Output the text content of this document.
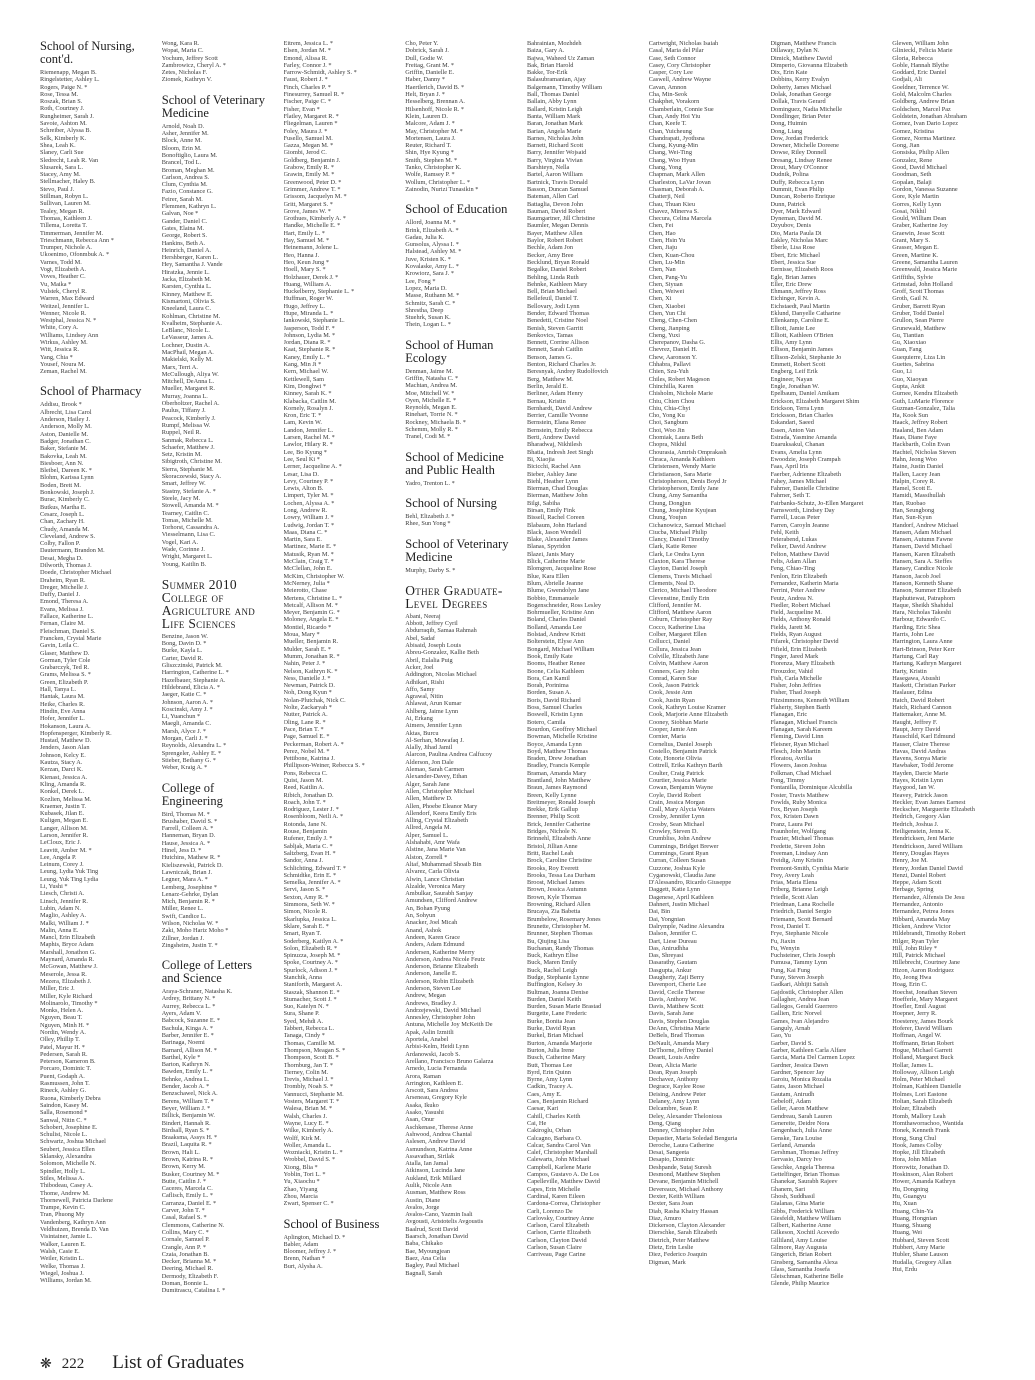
School of Nursing, cont'd.
Riemenapp, Megan B.
Ringelstetter, Ashley L.
Rogers, Paige N. *
Rose, Tessa M.
Roszak, Brian S.
Roth, Courtney J.
Rungheimer, Sarah J.
Savoie, Ashton M.
Schreiber, Alyssa B.
Selk, Kimberly K.
Shea, Leah K.
Slaney, Carli Sue
Sledrecht, Leah R. Van
Slusarek, Sara L.
Stacey, Amy M.
Stellmacher, Haley B.
Stevo, Paul J.
Stillman, Robyn L.
Sullivan, Lauren M.
Tealey, Megan R.
Thomas, Kathleen J.
Tillema, Loretta T.
Timmerman, Jennifer M.
Trieschmann, Rebecca Ann *
Trumper, Nichole A.
Ukoenimo, Ofonmbuk A. *
Varnes, Todd M.
Vogt, Elizabeth A.
Voves, Heather C.
Vu, Maika *
Vulstek, Cheryl R.
Warren, Max Edward
Weitzel, Jennifer L.
Wenner, Nicole R.
Westphal, Jessica N. *
White, Cory A.
Williams, Lindsey Ann
Wirkus, Ashley M.
Witt, Jessica R.
Yang, Chia *
Yousef, Noura M.
Zeman, Rachel M.
School of Pharmacy
Addisu, Brook *
Albrecht, Lisa Carol
Anderson, Hailey J.
Anderson, Molly M.
Aston, Danielle M.
Badger, Jonathan C.
Baker, Stefanie M.
Bakovka, Leah M.
Biesboer, Ann N.
Bleibel, Dareen K. *
Blohm, Karissa Lynn
Boden, Brett M.
Bonkowski, Joseph J.
Burac, Kimberly C.
Butkus, Martha E.
Cesarz, Joseph L.
Chan, Zachary H.
Chudy, Amanda M.
Cleveland, Andrew S.
Colby, Fallon P.
Dautermann, Brandon M.
Desai, Megha D.
Dilworth, Thomas J.
Doede, Christopher Michael
Draheim, Ryan R.
Dreger, Michelle J.
Duffy, Daniel J.
Emond, Theresa A.
Evans, Melissa J.
Fallace, Katherine L.
Fernan, Claire M.
Fleischman, Daniel S.
Francken, Crystal Marie
Gavin, Leila C.
Glaser, Matthew D.
Gorman, Tyler Cole
Grabarczyk, Ted R.
Grams, Melissa S. *
Green, Elizabeth P.
Hall, Tanya L.
Hantak, Laura M.
Heike, Charles R.
Hindin, Eve Anna
Hofer, Jennifer L.
Hokanson, Laura A.
Hopfensperger, Kimberly R.
Hustad, Matthew D.
Jenders, Jason Alan
Johnson, Kelcy E.
Kautza, Stacy A.
Kerzan, Darci K.
Kienast, Jessica A.
Kling, Amanda R.
Konkel, Derek L.
Kozlien, Melissa M.
Kraemer, Justin T.
Kubasek, Jilan E.
Kuligen, Megan E.
Langer, Allison M.
Larson, Jennifer R.
LeCloux, Eric J.
Leavitt, Amber M. *
Lee, Angela P.
Leinum, Corey J.
Leung, Lydia Yuk Ting
Leung, Yuk Ting Lydia
Li, Yushi *
Liesch, Christi A.
Linsch, Jennifer R.
Lubin, Adam N.
Maglio, Ashley A.
Malki, William J. *
Malin, Anna E.
Mancl, Erin Elizabeth
Maphis, Bryce Adam
Marshall, Jonathon G.
Maynard, Amanda R.
McGowan, Matthew J.
Meserole, Jessa R.
Mezera, Elizabeth J.
Miller, Eric J.
Miller, Kyle Richard
Molinarolo, Timothy *
Monks, Helen A.
Nguyen, Beau T.
Nguyen, Minh H. *
Nordin, Wendy A.
Olley, Phillip T.
Patel, Mayur H. *
Pedersen, Sarah R.
Peterson, Kameron B.
Porcaro, Dominic T.
Puent, Godaph A.
Rasmussen, John T.
Rineck, Ashley G.
Ruona, Kimberly Debra
Saindon, Kasey M.
Salla, Rosemond *
Sanwal, Nitin C. *
Schobert, Josephine E.
Schulist, Nicole L.
Schwartz, Joshua Michael
Seubert, Jessica Ellen
Sklansky, Alexandra
Solomon, Michelle N.
Spindler, Holly L.
Stiles, Melissa A.
Thibodeau, Casey A.
Thome, Andrew M.
Thornewell, Patricia Darlene
Trampe, Kevin C.
Tran, Phuong My
Vandenberg, Kathryn Ann
Veldhuizen, Brenda D. Van
Visintainer, Jamie L.
Walker, Lauren E.
Walsh, Casie E.
Weiler, Kristin L.
Welke, Thomas J.
Wiegel, Joshua J.
Williams, Jordan M.
Wong, Kara R.
Wopat, Maria C.
Yochum, Jeffrey Scott
Zambrowicz, Cheryl A. *
Zetes, Nicholas F.
Ziomek, Kathryn V.
School of Veterinary Medicine
Arnold, Noah D.
Asher, Jennifer M.
Block, Anne M.
Bloom, Erin M.
Bonoftiglio, Laura M.
Brancel, Tod L.
Broman, Meghan M.
Carlson, Andrea S.
Clum, Cynthia M.
Fazio, Constance G.
Feirer, Sarah M.
Flemmen, Kathryn L.
Galvan, Noe *
Gander, Daniel C.
Gates, Elaina M.
George, Robert S.
Hankins, Beth A.
Heinrich, Daniel A.
Hershberger, Karen L.
Hey, Samantha J. Vande
Hiratzka, Jennie L.
Jacka, Elizabeth M.
Karsten, Cynthia L.
Kinney, Matthew E.
Kismartoni, Olivia S.
Kneeland, Laura C.
Kohlman, Christine M.
Kvalheim, Stephanie A.
LeBlanc, Nicole L.
LeVasseur, James A.
Lochner, Dustin A.
MacPhail, Megan A.
Makielski, Kelly M.
Marx, Terri A.
McCullough, Aliya W.
Mitchell, DeAnna L.
Mueller, Margaret R.
Murray, Joanna L.
Oberholtzer, Rachel A.
Paulus, Tiffany J.
Peacock, Kimberly J.
Rumpf, Melissa W.
Ruppel, Neil R.
Sanmak, Rebecca L.
Schaefer, Matthew J.
Setz, Kristin M.
Sibigtroth, Christine M.
Sierra, Stephanie M.
Skoraczewski, Stacy A.
Smart, Jeffrey W.
Stastny, Stefanie A. *
Steele, Jacy M.
Stowell, Amanda M. *
Tearney, Caitlin C.
Tomas, Michelle M.
Torhorst, Cassandra A.
Viesselmann, Lisa C.
Vogel, Kari A.
Wade, Corinne J.
Wright, Margaret L.
Young, Kaitlin B.
Summer 2010 College of Agriculture and Life Sciences
Benzine, Jason W.
Bong, Davin D. *
Burke, Kayla L.
Carter, David R.
Gliszczinski, Patrick M.
Harrington, Catherine L. *
Hazelbauer, Stephanie A.
Hildebrand, Elicia A. *
Jaeger, Katie C. *
Johnson, Aaron A. *
Koscinski, Amy J. *
Li, Yuanchun *
Maegli, Amanda C.
Marsh, Alyce J. *
Morgan, Carli J. *
Reynolds, Alexandra L. *
Sprengeler, Ashley E. *
Stieber, Bethany G. *
Weber, Kraig A. *
College of Engineering
Bird, Thomas M. *
Brushaber, David S. *
Farrell, Colleen A. *
Hanneman, Bryan D.
Hause, Jessica A. *
Hinel, Jess D. *
Hutchins, Mathew R. *
Kieliszewski, Patrick D.
Lawniczak, Brian J.
Legner, Mara A. *
Lemberg, Josephine *
Lenarz-Gehrke, Dylan
Mich, Benjamin R. *
Miller, Renee L.
Swift, Candice L.
Wilson, Nicholas W. *
Zaki, Moho Hariz Moho *
Zillner, Jordan J.
Zingsheim, Justin T. *
College of Letters and Science
Araya-Schraner, Natasha K.
Ardrey, Brittany N. *
Aurrey, Rebecca L. *
Ayers, Adam V.
Babcock, Suzanne E. *
Bachula, Kinga A. *
Barber, Jennifer E. *
Barinaga, Noemi
Barnard, Allison M. *
Barthel, Kyle *
Barton, Kathryn N.
Bawden, Emily L. *
Behnke, Andrea L.
Bender, Jacob A. *
Benzschawel, Nick A.
Berens, William T. *
Beyer, William J. *
Billick, Benjamin W.
Bindert, Hannah R.
Birdsall, Ryan S. *
Braaksma, Assys H. *
Brazil, Laquita R. *
Brown, Hali L.
Brown, Katrina R. *
Brown, Kerry M.
Busker, Courtney M. *
Butte, Caitlin J. *
Caceres, Marcela C.
Caflisch, Emily L. *
Carranza, Daniel E. *
Carver, John T. *
Casal, Rafael S. *
Clemmons, Catherine N.
Collins, Mary C. *
Cornale, Samuel P.
Crangle, Ann P. *
Czaia, Jonathan B.
Decker, Brianna M. *
Deering, Michael R.
Dermody, Elizabeth F.
Doman, Bonnie L.
Dumitrascu, Catalina I. *
Eitrem, Jessica L. *
Elsen, Jordan M. *
Emond, Alissa R.
Farley, Connor J. *
Farrow-Schmidt, Ashley S. *
Faust, Robert J. *
Finch, Charles P. *
Finesurrey, Samuel R. *
Fischer, Paige C. *
Fisher, Evan *
Flatley, Margaret R. *
Fliegelman, Lauren *
Foley, Maura J. *
Fusello, Samuel M.
Gazza, Megan M. *
Giombi, Jerod C.
Goldberg, Benjamin J.
Grabow, Emily R. *
Grawin, Emily M. *
Greenwood, Peter D. *
Grimmer, Andrew T. *
Grissom, Jacquelyn M. *
Gritt, Margaret S. *
Grove, James W. *
Grothues, Kimberly A. *
Handke, Michelle E. *
Hart, Emily L. *
Hay, Samuel M. *
Heinemann, Jolene L.
Heo, Hanna J.
Heo, Keun Jung *
Hoell, Mary S. *
Holzhauer, Derek J. *
Huang, William A.
Huckelberry, Stephanie L. *
Huffman, Roger W.
Hugo, Jeffrey L.
Hupe, Miranda L. *
Iankowski, Stephanie L.
Jasperson, Todd F. *
Johnson, Lydia M. *
Jordan, Diana R. *
Kaat, Stephanie R. *
Kaney, Emily L. *
Kang, Min Ji *
Kern, Michael W.
Kettlewell, Sam
Kim, Donghwi *
Kinney, Sarah K. *
Klabacka, Caitlin M.
Kornely, Rosalyn J.
Kron, Eric T. *
Lam, Kevin W.
Landon, Jennifer L.
Larsen, Rachel M. *
Lawlor, Hilary R. *
Lee, Bo Kyung *
Lee, Seul Ki *
Lerner, Jacqueline A. *
Lesar, Lisa D.
Levy, Courtney P. *
Lewis, Alton B.
Limpert, Tyler M. *
Lochen, Alyssa A. *
Long, Andrew R.
Lowry, William J. *
Ludwig, Jordan T. *
Maas, Diana C. *
Martin, Sara E.
Martinez, Marie E. *
Matusik, Ryan M. *
McClain, Craig T. *
McClellan, John E.
McKim, Christopher W.
McNerney, Julia *
Meierotto, Chase
Mertens, Christine L. *
Metcalf, Allison M. *
Meyer, Benjamin G. *
Moloney, Angela E. *
Montiel, Ricardo *
Moua, Mary *
Mueller, Benjamin R.
Mulder, Sarah E. *
Mumm, Jonathan R. *
Nahin, Peter J. *
Nelson, Kathryn K. *
Ness, Danielle J. *
Newman, Patrick D.
Noh, Dong Kyun *
Nolan-Plutchak, Nick C.
Nolte, Zackaryah *
Nutter, Patrick A.
Oling, Lane R. *
Pace, Brian T. *
Page, Samuel E. *
Peckerman, Robert A. *
Perez, Nobel M. *
Pettibone, Katrina J.
Phillipson-Weiner, Rebecca S. *
Pons, Rebecca C.
Quist, Jason M.
Reed, Kaitlin A.
Ribich, Jonathan D.
Roach, John T. *
Rodriguez, Lester J. *
Rosenbloom, Neili A. *
Rotonda, Jane N.
Rouse, Benjamin
Rufener, Emily J. *
Sabljak, Maria C. *
Saltzberg, Evan H. *
Sandor, Anna J.
Schlichting, Edward T. *
Schmidtke, Erin E. *
Semelka, Jennifer A. *
Servi, Jason S. *
Sexton, Amy R. *
Simmons, Seth W. *
Simon, Nicole R.
Skarlupka, Jessica L.
Sklare, Sarah E. *
Smart, Ryan T.
Soderberg, Kaitlyn A. *
Solon, Elizabeth R. *
Spinuzza, Joseph M. *
Spoke, Courtney A. *
Spurlock, Adison J. *
Stanchik, Anna
Staniforth, Margaret A.
Staszak, Shannon E. *
Stumacher, Scott J. *
Suo, Katelyn N. *
Sura, Shane P.
Syed, Mehdi A.
Tabbert, Rebecca L.
Tanaga, Cindy *
Thomas, Camille M.
Thompson, Meagan S. *
Thompson, Scott B. *
Thornburg, Jan T. *
Tierney, Colin M.
Trevis, Michael J. *
Trombly, Noah S. *
Vannucci, Stephanie M.
Vosters, Margaret T. *
Walesa, Brian M. *
Walsh, Charles J.
Wayne, Lucy E. *
Wilke, Kimberly A.
Wolff, Kirk M.
Woller, Amanda L.
Wozniacki, Kristin L. *
Wrobbel, David S. *
Xiong, Blia *
Yoblin, Tori L. *
Yu, Xiaochu *
Zhao, Yiyang
Zhou, Marcia
Zwart, Spenser C. *
School of Business
Aplington, Michael D. *
Babler, Adam
Bloomer, Jeffrey J. *
Brenn, Nathan *
Burt, Alysha A.
Cho, Peter Y.
Dobrick, Sarah J.
Dull, Godie W.
Freitag, Grant M. *
Griffin, Danielle E.
Haber, Danny *
Haertlerich, David B. *
Helt, Bryan J. *
Hesselberg, Brennan A.
Hilsenhoff, Nicole R. *
Klein, Lauren D.
Malcore, Adam J. *
May, Christopher M. *
Mortensen, Laura J.
Reuter, Richard T.
Shin, Hye Kyung *
Smith, Stephen M. *
Tanko, Christopher K.
Wolfe, Ramsey P. *
Wollum, Christopher L. *
Zainodin, Nurizi Tunasikin *
School of Education
Allord, Joanna M. *
Brink, Elizabeth A. *
Gadau, Julia K.
Gunsolus, Alyssa I. *
Halstead, Ashley M. *
Juve, Kristen K. *
Kovalaske, Amy L. *
Krowiorz, Sara J. *
Lee, Fong *
Lopez, Maria D.
Masse, Ruthann M. *
Schmitz, Sarah C. *
Shrestha, Deep
Stuehrk, Susan K.
Thein, Logan L. *
School of Human Ecology
Denman, Jaime M.
Griffin, Natasha C. *
Machtan, Andrea M.
Moe, Mitchell W. *
Oyen, Michelle E. *
Reynolds, Megan E.
Rinehart, Torrie N. *
Rockney, Michaela B. *
Schemm, Molly R. *
Tranel, Codi M. *
School of Medicine and Public Health
Yadro, Trenton L. *
School of Nursing
Behl, Elizabeth J. *
Rhee, Sun Yong *
School of Veterinary Medicine
Murphy, Darby S. *
Other Graduate-Level Degrees
Abani, Neeraj
Abbott, Jeffrey Cyril
Abdurraqib, Samaa Rahmah
Abel, Sadaf
Abisaid, Joseph Louis
Abreu-Gonzalez, Kallie Beth
Abril, Eulalia Puig
Acker, Joel
Addington, Nicolas Michael
Adhikari, Rishi
Affo, Samy
Agrawal, Nitin
Ahlawat, Arun Kumar
Ahlberg, Jaime Lynn
Ai, Erkang
Aimers, Jennifer Lynn
Aktas, Burcu
Al-Serhan, Muwafaq J.
Alally, Jihad Jamil
Alarcon, Paulina Andrea Calfucoy
Alderson, Jon Dale
Alemao, Sarah Carmen
Alexander-Davey, Ethan
Alger, Sarah Jane
Allen, Christopher Michael
Allen, Matthew D.
Allen, Phoebe Eleanor Mary
Allendorf, Keera Emily Eris
Alling, Crystal Elizabeth
Allred, Angela M.
Alper, Samuel L.
Alshahabi, Amr Wafa
Alstine, Jana Marie Van
Alston, Zorrell *
Altaf, Muhammad Shoaib Bin
Alvarez, Carla Olivia
Alwin, Lance Christian
Alzalde, Veronica Mary
Ambulkar, Saurabh Sanjay
Amundsen, Clifford Andrew
An, Bohan Pyung
An, Sohyun
Anacker, Joel Micah
Anand, Ashok
Andeen, Karen Grace
Anders, Adam Edmund
Andersen, Katherine Merry
Anderson, Andrea Nicole Feutz
Anderson, Brianne Elizabeth
Anderson, Janelle E.
Anderson, Robin Elizabeth
Anderson, Steven Lee
Andrew, Megan
Andrews, Bradley J.
Andrzejewski, David Michael
Annesley, Christopher John
Antuna, Michelle Joy McKeith De
Apak, Aslin Izmitli
Aportela, Anabel
Arbisi-Kelm, Heidi Lynn
Ardanowski, Jacob S.
Arellano, Francisco Bruno Galarza
Arnedo, Lucia Fernanda
Arora, Raman
Arrington, Kathleen E.
Arscott, Sara Andrea
Arseneau, Gregory Kyle
Asaka, Ikuko
Asako, Yasushi
Asan, Onur
Aschkenase, Therese Anne
Ashwood, Andrea Chantal
Aslesen, Andrew David
Asmundson, Katrina Anne
Assavathan, Sirilak
Atalla, Ian Jamal
Atkinson, Lucinda Jane
Aukland, Erik Millard
Aulik, Nicole Ann
Ausman, Matthew Ross
Austin, Diane
Avalos, Jorge
Avalos-Cano, Yazmin Isali
Avgousti, Aristotelis Avgoustis
Baalrud, Scott David
Baarsch, Jonathan David
Baba, Chikako
Bae, Myoungjean
Baez, Ana Celia
Bagley, Paul Michael
Bagnall, Sarah
Bahrainian, Mozhdeh
Baiza, Gary A.
Bajwa, Waheed Uz Zaman
Bak, Brian Harold
Bakke, Tor-Erik
Balasubramanian, Ajay
Balgemann, Timothy William
Ball, Thomas Daniel
Ballain, Abby Lynn
Ballard, Kristin Leigh
Banta, William Mark
Baran, Jonathan Mark
Barian, Angela Marie
Barnes, Nicholas John
Barnett, Richard Scott
Barry, Jennifer Wojsaid
Barry, Virginia Vivian
Barshteyn, Nella
Bartel, Aaron William
Bartnick, Travis Donald
Basson, Duncan Samuel
Bateman, Allen Carl
Battaglia, Devon John
Bauman, David Robert
Baumgartner, Jill Christine
Baumler, Megan Dennis
Bayer, Matthew Allen
Baylor, Robert Robert
Bechle, Adam Jon
Becker, Amy Bree
Becklund, Bryan Ronald
Begalke, Daniel Robert
Behling, Linda Ruth
Behnke, Kathleen Mary
Bell, Brian Michael
Bellefeuil, Daniel T.
Bellovary, Jodi Lynn
Bender, Edward Thomas
Benedetti, Cristine Noel
Benish, Steven Garritt
Benkovics, Tamas
Bennett, Corrine Allison
Bennett, Sarah Caitlin
Benson, James G.
Benton, Richard Charles Jr.
Beresnyak, Andrey Rudolfovich
Berg, Matthew M.
Berlin, Jerald E.
Berliner, Adam Henry
Bernau, Kristin
Bernhardt, David Andrew
Berrier, Camille Yvonne
Bernstein, Elana Renee
Bernstein, Emily Rebecca
Berti, Andrew David
Bharadwaj, Nikhilesh
Bhatia, Indresh Jeet Singh
Bi, Xiaojia
Bicicchi, Rachel Ann
Bieber, Ashley Jane
Biehl, Heather Lynn
Bierman, Chad Douglas
Bierman, Matthew John
Bilgi, Sabiha
Birsan, Emily Fink
Bissell, Rachel Coreen
Blabaum, John Harland
Black, Jason Wendell
Blake, Alexander James
Blanas, Spyridon
Blazei, Janis Mary
Blick, Catherine Marie
Blomgren, Jacqueline Rose
Blue, Kara Ellen
Blum, Abrielle Jeanne
Blume, Gwendolyn Jane
Bobbio, Emmanuele
Bogenschneider, Ross Lesley
Bohrmueller, Kristine Ann
Boland, Charles Daniel
Bolland, Amanda Lee
Bolstad, Andrew Kristt
Bolterstein, Elyse Ann
Bongard, Michael William
Book, Emily Kate
Booms, Heather Renee
Boone, Celia Kathleen
Bora, Can Kamil
Borah, Porinima
Borden, Susan A.
Boris, David Richard
Boss, Samuel Charles
Boswell, Kristin Lynn
Botero, Camila
Bourdon, Geoffrey Michael
Bowman, Michelle Kristine
Boyce, Amanda Lynn
Boyd, Matthew Thomas
Braden, Drew Jonathan
Bradley, Francis Kemple
Braman, Amanda Mary
Brantland, John Matthew
Braun, James Raymond
Breen, Kelly Lynne
Breitmeyer, Ronald Joseph
Brekke, Erik Gallup
Brenner, Philip Scott
Brick, Jennifer Catherine
Bridges, Nichole N.
Brinnehl, Elizabeth Anne
Bristol, Jillian Anne
Britt, Rachel Leah
Brock, Caroline Christine
Brooks, Roy Everett
Brooks, Tessa Lea Durham
Broost, Michael James
Brown, Jessica Autumn
Brown, Kyle Thomas
Browning, Richard Allen
Brucaya, Zia Babetta
Brumbelow, Rosemary Jones
Brunette, Christopher M.
Brunner, Stephen Thomas
Bu, Qiujing Lisa
Buchanan, Randy Thomas
Buck, Kathryn Elise
Buck, Maren Emily
Buck, Rachel Leigh
Budge, Stephanie Lynne
Buffington, Kelsey Jo
Bultman, Joanna Denise
Burden, Daniel Keith
Burden, Susan Marie Brastad
Burgette, Lane Frederic
Burke, Bonita Jean
Burke, David Ryan
Burkel, Brian Michael
Burton, Amanda Marjorie
Burton, Julia Irene
Busch, Catherine Mary
Butt, Thomas Lee
Byrd, Erin Quinn
Byrne, Amy Lynn
Cadkin, Tracey A.
Caes, Amy E.
Caes, Benjamin Richard
Caesar, Kari
Cahill, Charles Keith
Cai, He
Cakiroglu, Orhan
Calcagno, Barbara O.
Calcar, Sandra Carol Van
Calef, Christopher Marshall
Calewarts, John Michael
Campbell, Karlene Marie
Campos, Gustavo A. De Los
Capelleville, Matthew David
Capes, Erin Michelle
Cardinal, Karen Eileen
Cardona-Correa, Christopher
Carli, Lorenzo De
Carlovsky, Courtney Anne
Carlson, Carol Elizabeth
Carlson, Carrie Elizabeth
Carlson, Clayton David
Carlson, Susan Claire
Carriveau, Page Carine
Cartwright, Nicholas Isaiah
Casal, Maria del Pilar
Case, Seth Connor
Casey, Cory Christopher
Casper, Cory Lee
Caswell, Andrew Wayne
Cavan, Amnon
Cha, Min-Seok
Chakphet, Vorakorn
Chamberlain, Connie Sue
Chan, Andy Hoi Yiu
Chan, Keefe T.
Chan, Yuicheung
Chandrapati, Jyothsna
Chang, Kyung-Min
Chang, Wei-Ting
Chang, Woo Hyun
Chang, Yong
Chapman, Mark Allen
Charleston, LaVar Jovan
Chasman, Deborah A.
Chatterji, Neil
Chau, Thuan Kieu
Chavez, Minerva S.
Checura, Celina Marcela
Chen, Fei
Chen, Hao
Chen, Hsin Yu
Chen, Jiaju
Chen, Kuan-Chou
Chen, Lu-Min
Chen, Nan
Chen, Pang-Yu
Chen, Siyuan
Chen, Weiwei
Chen, Xi
Chen, Xiaobei
Chen, Yun Chi
Cheng, Chen-Chen
Cheng, Jianping
Cheng, Yuxi
Cherepanov, Dasha G.
Chevrez, Daniel H.
Chew, Aaronson Y.
Chhabra, Pallavi
Chien, Szu-Yuh
Chiles, Robert Mageson
Chinchilla, Karen
Chisholm, Nichole Marie
Chiu, Chien Chou
Chiu, Chia-Chyi
Cho, Yong Ku
Choi, Sangbum
Choi, Woo Jin
Chomiak, Laura Beth
Chopra, Nikhil
Chourasia, Amrish Omprakash
Chraca, Amanda Kathleen
Christensen, Wendy Marie
Christianson, Sara Marie
Christopherson, Denis Boyd Jr
Christopherson, Emily Jane
Chung, Amy Samantha
Chung, Dongjun
Chung, Josephine Kyujean
Chung, Youjun
Cichanowicz, Samuel Michael
Ciucba, Michael Philip
Clancy, Daniel Timothy
Clark, Katie Renee
Clark, Le Ondra Lynn
Claxton, Kara Therese
Clayton, Daniel Joseph
Clemens, Travis Michael
Clements, Neal D.
Clerico, Michael Theodore
Clevenstine, Emily Erin
Clifford, Jennifer M.
Clifford, Matthew Aaron
Coburn, Christopher Ray
Cocco, Katherine Lisa
Colber, Margaret Ellen
Collucci, Daniel
Collura, Jessica Jean
Colville, Elizabeth Jane
Colvin, Matthew Aaron
Conners, Gary John
Conrad, Karen Sue
Cook, Jason Patrick
Cook, Jessie Ann
Cook, Justin Ryan
Cook, Kathryn Louise Kramer
Cook, Marjorie Anne Elizabeth
Cooney, Siobhan Marie
Cooper, Jamie Ann
Cornier, Maria
Cornelius, Daniel Joseph
Costello, Benjamin Patrick
Cote, Honorie Olivia
Cottrell, Erika Kathryn Barth
Coulter, Craig Patrick
Courtier, Jessica Marie
Cowan, Benjamin Wayne
Coyle, David Robert
Crain, Jessica Morgan
Crall, Mary Alycia Waters
Crosby, Jennifer Lynn
Crosby, Sean Michael
Crowley, Steven D.
Crumbliss, John Andrew
Cummings, Bridget Brewer
Cummings, Grant Ryan
Curran, Colleen Susan
Cuzzone, Joshua Kyle
Cyganowski, Claudia Jane
D'Alessandro, Ricardo Giuseppe
Daggett, Katie Lynn
Dagenese, April Kathleen
Dahnert, Justin Michael
Dai, Bin
Dai, Yongnian
Dalrymple, Nadine Alexandra
Dalson, Jennifer C.
Dart, Liese Dureau
Das, Anirudhha
Das, Shreyasi
Dasarathy, Gautam
Dasgupta, Ankur
Daugherty, Zaji Berry
Davenport, Cherie Lee
David, Cecile Therese
Davis, Anthony W.
Davis, Matthew Scott
Davis, Sarah Jane
Davis, Stephen Douglas
DeAnn, Christina Marie
DeBels, Brad Thomas
DeNault, Amanda Mary
DeThorne, Jeffrey Daniel
Deaett, Louis Andre
Dean, Alicia Marie
Dean, Ryan Joseph
Dechavez, Anthony
Degrace, Kaylee Rose
Deising, Andrew Peter
Delaney, Amy Lynn
Delcambre, Sean P.
Deley, Alexander Thelonious
Deng, Qiang
Denney, Christopher John
Depastier, Maria Soledad Benguria
Deroche, Laura Catherine
Desai, Sangeeta
Desapio, Dominic
Deshpande, Sutaj Suresh
Desmond, Matthew Stephen
Devane, Benjamin Mitchell
Devereaux, Michael Anthony
Dexter, Keith William
Dexter, Sara Joan
Diab, Rasha Khairy Hassan
Diaz, Amuro
Dickerson, Clayton Alexander
Dierschke, Sarah Elizabeth
Dietrich, Peter Matthew
Dietz, Erin Leslie
Diez, Federico Joaquin
Digman, Mark
Digman, Matthew Francis
Dillaway, Dylan N.
Dimick, Matthew David
Dimperio, Giovanna Elizabeth
Dix, Erin Kate
Dobbins, Kerry Evalyn
Doherty, James Michael
Dolak, Jonathan George
Dollak, Travis Gerard
Dominguez, Nadia Michelle
Dondlinger, Brian Peter
Dong, Huimin
Dong, Liang
Dow, Jordan Frederick
Downer, Michelle Doreene
Dowse, Riley Donnell
Dresang, Lindsay Renee
Drout, Mary O'Connor
Dudnik, Polina
Duffy, Rebecca Lynn
Dummit, Evan Philip
Duncan, Roberto Enrique
Dunn, Patrick
Dyer, Mark Edward
Dyneman, David M.
Dzyubov, Denis
Dio, Maria Paula Di
Eakley, Nicholas Marc
Eberle, Lisa Rose
Ebert, Eric Michael
Ebert, Jessica Sue
Eernisse, Elizabeth Roos
Egle, Brian James
Eller, Eric Drew
Ehmann, Jeffrey Ross
Eichinger, Kevin A.
Eichstaedt, Paul Martin
Eklund, Danyelle Catharine
Ellenkamp, Caroline E.
Elliott, Jamie Lee
Elliott, Kathleen O'Brien
Ellis, Amy Lynn
Ellison, Benjamin James
Ellison-Zelski, Stephanie Jo
Emmett, Robert Scott
Engberg, Leif Erik
Engineer, Nayan
Engle, Jonathan W.
Epelbaum, Daniel Amikam
Erickson, Elizabeth Margaret Shim
Erickson, Terra Lynn
Ericksson, Brian Charles
Eskandari, Saeed
Essen, Anton Van
Estrada, Yasmine Amanda
Euaruksakul, Chanan
Evans, Amelia Lynn
Ewoodzie, Joseph Crampah
Faas, April Iris
Faerber, Adrienne Elizabeth
Fahey, James Michael
Fahrner, Danielle Christine
Fahrner, Seth T.
Fairbanks-Schutz, Jo-Ellen Margaret
Farnsworth, Lindsey Day
Farrell, Lucas Peter
Farren, Caroyln Jeanne
Fehl, Keith
Feierabend, Lukas
Felker, David Andrew
Felton, Matthew David
Felts, Adam Allan
Feng, Chiao-Ting
Fenlon, Erin Elizabeth
Fernandez, Katherin Maria
Ferrini, Peter Andrew
Feutz, Andrea N.
Fiedler, Robert Michael
Field, Jacqueline M.
Fields, Anthony Ronald
Fields, Jarett M.
Fields, Ryan August
Fifarek, Christopher David
Fifield, Erin Elizabeth
Finger, Jared Mark
Fiorenza, Mary Elizabeth
Firouzdor, Vahid
Fish, Carla Michelle
Fisher, John Jeffries
Fisher, Thad Joseph
Fitzsimmons, Kenneth William
Flaherty, Stephen Barth
Flanagan, Eric
Flanagan, Michael Francis
Flanagan, Sarah Kareem
Fleming, David Linn
Fleisner, Ryan Michael
Flesch, John Martin
Floratou, Avrilia
Flowers, Jason Joshua
Folkman, Chad Michael
Fong, Timmy
Fontanilla, Dominique Alcubilla
Foster, Travis Matthew
Fowlds, Ruby Monica
Fox, Bryan Joseph
Fox, Kristen Dawn
Franz, Laura Pei
Fraunhofer, Wolfgang
Frazier, Michael Thomas
Fredette, Steven John
Freeman, Lindsay Ann
Freidig, Amy Kristin
Fremont-Smith, Cynthia Marie
Frey, Avery Leah
Frias, Maria Elena
Friberg, Brianne Leigh
Friedle, Scott Alan
Friedman, Lana Rochelle
Friedrich, Daniel Sergio
Friemann, Scott Bernard
Frost, Daniel T.
Frye, Stephanie Nicole
Fu, Jiaxin
Fu, Wenyin
Fuchsteiner, Chris Joseph
Fumusa, Tammy Lynn
Fung, Kai Fung
Furay, Steven Joseph
Gadkari, Abhijit Satish
Gajdostik, Christopher Allen
Gallagher, Andrea Jean
Gallegos, Gerald Guerrero
Gallien, Eric Norvel
Games, Ivan Alejandro
Ganguly, Arnab
Gao, Yu
Garber, David S.
Garber, Kathleen Carla Alfare
Garcia, Maria Del Carmen Lopez
Gardner, Jessica Dawn
Gardner, Spencer Jay
Garoiu, Monica Rozalia
Gates, Jason Michael
Gautam, Anirudh
Gebeloff, Adam
Geller, Aaron Matthew
Gendreau, Sarah Lauren
Genereite, Deidre Nora
Gengenbach, Julia Anne
Genske, Tara Louise
Gerland, Amanda
Gershman, Thomas Jeffrey
Gervasio, Darcy Ivo
Geschke, Angela Theresa
Gettelfinger, Brian Thomas
Ghanekar, Saurabh Rajeev
Ghanem, Sari
Ghosh, Suddhasil
Gialanas, Gina Marie
Gibbs, Frederick William
Giesfeldt, Matthew William
Gilbert, Katherine Anne
Gilkeson, Xochitl Acevedo
Gilliland, Amy Louise
Gilmore, Ray Augusta
Gingerich, Brian Robert
Ginsberg, Samantha Alexa
Glass, Samantha Josefa
Gleischman, Katherine Belle
Glende, Philip Maurice
Glewen, William John
Glinieckl, Felicia Marie
Gloria, Rebecca
Goble, Hannah Blythe
Goddard, Eric Daniel
Godjali, Ali
Goeldner, Terrence W.
Gold, Malcolm Charles
Goldberg, Andrew Brian
Goldschen, Marcel Paz
Goldstein, Jonathan Abraham
Gomez, Ivan Dario Lopez
Gomez, Kristina
Gomez, Norma Martinez
Gong, Jian
Gonsiska, Philip Allen
Gonzalez, Rene
Good, David Michael
Goodman, Seth
Gopalan, Balaji
Gordon, Vanessa Suzanne
Gore, Kyle Martin
Gorres, Kelly Lynn
Gosai, Nikhil
Gould, William Dean
Graber, Katherine Joy
Graewin, Jesse Scott
Grant, Mary S.
Grasser, Megan E.
Green, Martine K.
Greene, Samantha Lauren
Greenwald, Jessica Marie
Griffiths, Sylvie
Grimstad, John Holland
Groff, Scott Thomas
Groth, Gail N.
Gruber, Barrett Ryan
Gruber, Todd Daniel
Grullon, Sean Pierre
Grunewald, Matthew
Gu, Tiantian
Gu, Xiaoxiao
Guan, Fang
Guequierre, Liza Lin
Guettes, Sabrina
Guo, Li
Guo, Xiaoyan
Gupta, Ankit
Gurnee, Kendra Elizabeth
Guth, LuMarie Florence
Guzman-Gonzalez, Talia
Ha, Kook Sun
Haack, Jeffrey Robert
Haaland, Ben Adam
Haas, Diane Faye
Hackbarth, Colin Evan
Hachtel, Nicholas Steven
Hahn, Jeong Woo
Haine, Justin Daniel
Hallen, Lacey Jean
Halpin, Corey R.
Hamel, Scott E.
Hamidi, Massihullah
Han, Ruobao
Han, Seungbong
Han, Sun-Kyun
Handorf, Andrew Michael
Hansen, Adam Michael
Hansen, Autumn Fawne
Hansen, David Michael
Hansen, Karen Elizabeth
Hansen, Sara A. Steffes
Hansey, Candice Nicole
Hanson, Jacob Joel
Hanson, Kenneth Shane
Hanson, Summer Elizabeth
Haphuttewat, Patraphorn
Haque, Sheikh Shahidul
Hara, Nicholas Takeshi
Harbour, Edwardo C.
Harding, Eric Shea
Harris, John Lee
Harrington, Laura Anne
Hart-Brinson, Peter Kerr
Hartung, Carl Ray
Hartung, Kathryn Margaret
Harty, Kristin
Hasegawa, Atsushi
Haskett, Christian Parker
Haslauer, Edina
Hatch, David Robert
Hatch, Richard Cannon
Hattemaker, Anne M.
Haught, Jeffrey F.
Haupt, Jerry David
Hauschild, Karl Edmund
Hauser, Claire Therese
Havas, David Andras
Havens, Sonya Marie
Hawbaker, Todd Jerome
Hayden, Darcie Marie
Hayes, Kristin Lynn
Haygood, Ian W.
Heavey, Patrick Jason
Heckler, Evan James Earnest
Heckscher, Marguerite Elizabeth
Hedrich, Gregory Alan
Hedrich, Joshua J.
Heiligenstein, Jenna K.
Hendricksen, Jeni Marie
Hendrickson, Jared William
Henry, Douglas Hayes
Henry, Joe M.
Henry, Jordan Daniel David
Henzi, Daniel Robert
Heppe, Adam Scott
Herbage, Spring
Hernandez, Alfensis De Jesu
Hernandez, Antonio
Hernandez, Petrea Jones
Hibbard, Amanda May
Hicken, Andrew Victor
Hildebrandt, Timothy Robert
Hilger, Ryan Tyler
Hill, John Riley *
Hill, Patrick Michael
Hillebrecht, Courtney Jane
Hizon, Aaron Rodriguez
Ho, Jeong Hwa
Hoag, Erin C.
Hoechst, Jonathan Steven
Hoefferle, Mary Margaret
Hoefler, Emil August
Hoepner, Jerry R.
Hoesterey, James Bourk
Hoferer, David William
Hoffman, Angel W.
Hoffmann, Brian Robert
Hogue, Michael Garrett
Holland, Margaret Buck
Hollar, James L.
Holloway, Allison Leigh
Holm, Peter Michael
Holman, Kathleen Danielle
Holmes, Lori Eastone
Holtan, Sarah Elizabeth
Holzer, Elizabeth
Homb, Mallory Leah
Homthaworrachoo, Wantida
Honek, Kenneth Frank
Hong, Sung Chul
Hook, James Colby
Hopke, Jill Elizabeth
Hora, John Milan
Horowitz, Jonathan D.
Hoskinson, Alan Robert
Hower, Amanda Kathryn
Hu, Dongning
Hu, Guangyu
Hu, Xuan
Huang, Chin-Ya
Huang, Hongnian
Huang, Shuang
Huang, Wei
Hubbard, Steven Scott
Hubbert, Amy Marie
Hubler, Shane Lauson
Hudalla, Gregory Allan
Hui, Erdu
❋ 222 List of Graduates
